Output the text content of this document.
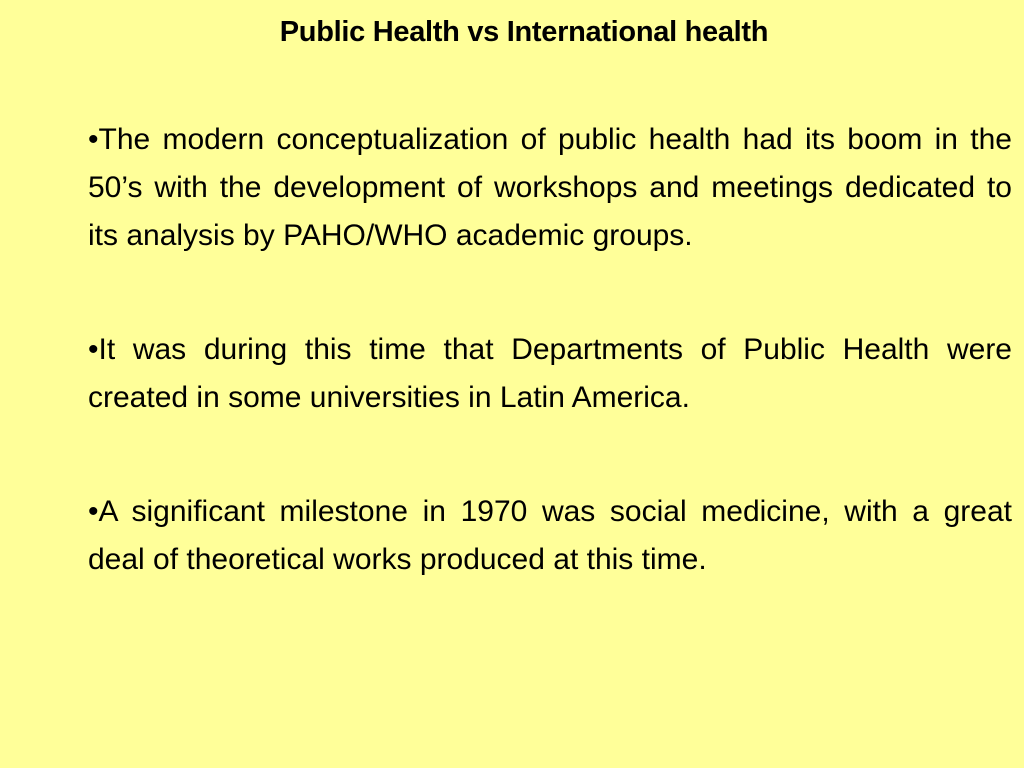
Public Health vs International health
•The modern conceptualization of public health had its boom in the 50’s with the development of workshops and meetings dedicated to its analysis by PAHO/WHO academic groups.
•It was during this time that Departments of Public Health were created in some universities in Latin America.
•A significant milestone in 1970 was social medicine, with a great deal of theoretical works produced at this time.
